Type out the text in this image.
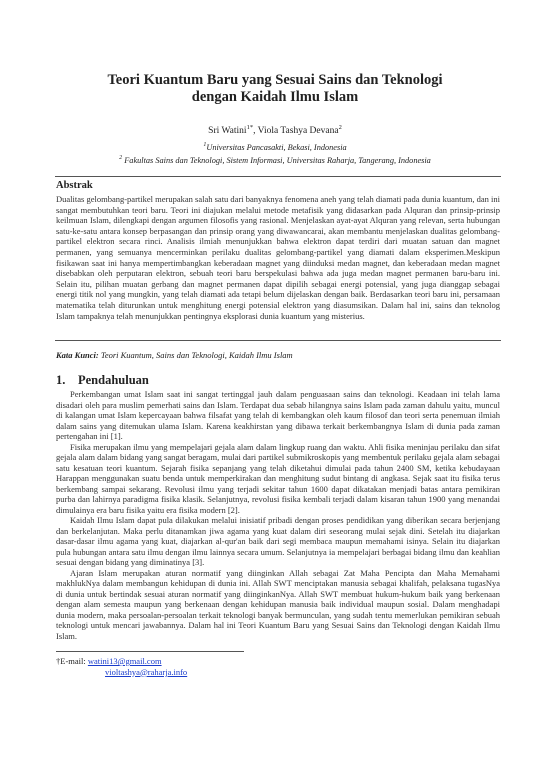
Teori Kuantum Baru yang Sesuai Sains dan Teknologi
dengan Kaidah Ilmu Islam
Sri Watini$^{1*}$, Viola Tashya Devana$^2$
$^1$Universitas Pancasakti, Bekasi, Indonesia
$^2$ Fakultas Sains dan Teknologi, Sistem Informasi, Universitas Raharja, Tangerang, Indonesia
Abstrak
Dualitas gelombang-partikel merupakan salah satu dari banyaknya fenomena aneh yang telah diamati pada dunia kuantum, dan ini sangat membutuhkan teori baru. Teori ini diajukan melalui metode metafisik yang didasarkan pada Alquran dan prinsip-prinsip keilmuan Islam, dilengkapi dengan argumen filosofis yang rasional. Menjelaskan ayat-ayat Alquran yang relevan, serta hubungan satu-ke-satu antara konsep berpasangan dan prinsip orang yang diwawancarai, akan membantu menjelaskan dualitas gelombang-partikel elektron secara rinci. Analisis ilmiah menunjukkan bahwa elektron dapat terdiri dari muatan satuan dan magnet permanen, yang semuanya mencerminkan perilaku dualitas gelombang-partikel yang diamati dalam eksperimen.Meskipun fisikawan saat ini hanya mempertimbangkan keberadaan magnet yang diinduksi medan magnet, dan keberadaan medan magnet disebabkan oleh perputaran elektron, sebuah teori baru berspekulasi bahwa ada juga medan magnet permanen baru-baru ini. Selain itu, pilihan muatan gerbang dan magnet permanen dapat dipilih sebagai energi potensial, yang juga dianggap sebagai energi titik nol yang mungkin, yang telah diamati ada tetapi belum dijelaskan dengan baik. Berdasarkan teori baru ini, persamaan matematika telah diturunkan untuk menghitung energi potensial elektron yang diasumsikan. Dalam hal ini, sains dan teknolog Islam tampaknya telah menunjukkan pentingnya eksplorasi dunia kuantum yang misterius.
Kata Kunci: Teori Kuantum, Sains dan Teknologi, Kaidah Ilmu Islam
1. Pendahuluan

Perkembangan umat Islam saat ini sangat tertinggal jauh dalam penguasaan sains dan teknologi. Keadaan ini telah lama disadari oleh para muslim pemerhati sains dan Islam. Terdapat dua sebab hilangnya sains Islam pada zaman dahulu yaitu, muncul di kalangan umat Islam kepercayaan bahwa filsafat yang telah di kembangkan oleh kaum filosof dan teori serta penemuan ilmiah dalam sains yang ditemukan ulama Islam. Karena keakhirstan yang dibawa terkait berkembangnya Islam di dunia pada zaman pertengahan ini [1].

Fisika merupakan ilmu yang mempelajari gejala alam dalam lingkup ruang dan waktu. Ahli fisika meninjau perilaku dan sifat gejala alam dalam bidang yang sangat beragam, mulai dari partikel submikroskopis yang membentuk perilaku gejala alam sebagai satu kesatuan teori kuantum. Sejarah fisika sepanjang yang telah diketahui dimulai pada tahun 2400 SM, ketika kebudayaan Harappan menggunakan suatu benda untuk memperkirakan dan menghitung sudut bintang di angkasa. Sejak saat itu fisika terus berkembang sampai sekarang. Revolusi ilmu yang terjadi sekitar tahun 1600 dapat dikatakan menjadi batas antara pemikiran purba dan lahirnya paradigma fisika klasik. Selanjutnya, revolusi fisika kembali terjadi dalam kisaran tahun 1900 yang menandai dimulainya era baru fisika yaitu era fisika modern [2].

Kaidah Ilmu Islam dapat pula dilakukan melalui inisiatif pribadi dengan proses pendidikan yang diberikan secara berjenjang dan berkelanjutan. Maka perlu ditanamkan jiwa agama yang kuat dalam diri seseorang mulai sejak dini. Setelah itu diajarkan dasar-dasar ilmu agama yang kuat, diajarkan al-qur'an baik dari segi membaca maupun memahami isinya. Selain itu diajarkan pula hubungan antara satu ilmu dengan ilmu lainnya secara umum. Selanjutnya ia mempelajari berbagai bidang ilmu dan keahlian sesuai dengan bidang yang diminatinya [3].

Ajaran Islam merupakan aturan normatif yang diinginkan Allah sebagai Zat Maha Pencipta dan Maha Memahami makhlukNya dalam membangun kehidupan di dunia ini. Allah SWT menciptakan manusia sebagai khalifah, pelaksana tugasNya di dunia untuk bertindak sesuai aturan normatif yang diinginkanNya. Allah SWT membuat hukum-hukum baik yang berkenaan dengan alam semesta maupun yang berkenaan dengan kehidupan manusia baik individual maupun sosial. Dalam menghadapi dunia modern, maka persoalan-persoalan terkait teknologi banyak bermunculan, yang sudah tentu memerlukan pemikiran sebuah teknologi untuk mencari jawabannya. Dalam hal ini Teori Kuantum Baru yang Sesuai Sains dan Teknologi dengan Kaidah Ilmu Islam.

†E-mail: watini13@gmail.com
violtashya@raharja.info
